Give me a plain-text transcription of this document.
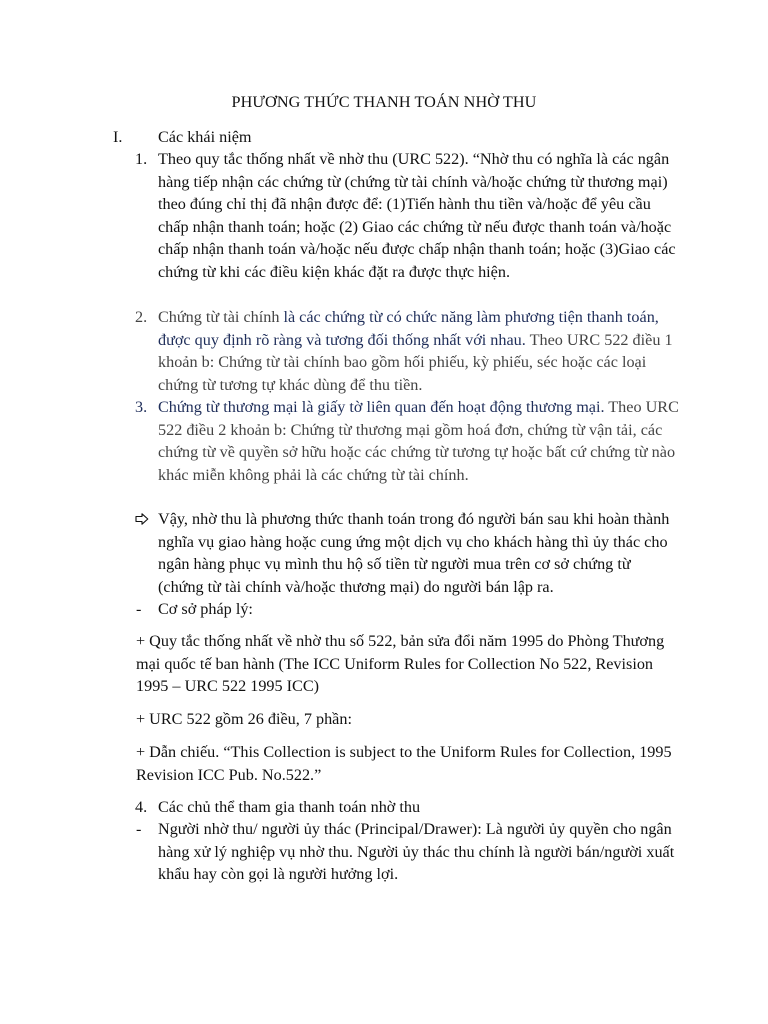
PHƯƠNG THỨC THANH TOÁN NHỜ THU
I. Các khái niệm
1. Theo quy tắc thống nhất về nhờ thu (URC 522). “Nhờ thu có nghĩa là các ngân hàng tiếp nhận các chứng từ (chứng từ tài chính và/hoặc chứng từ thương mại) theo đúng chỉ thị đã nhận được để: (1)Tiến hành thu tiền và/hoặc để yêu cầu chấp nhận thanh toán; hoặc (2) Giao các chứng từ nếu được thanh toán và/hoặc chấp nhận thanh toán và/hoặc nếu được chấp nhận thanh toán; hoặc (3)Giao các chứng từ khi các điều kiện khác đặt ra được thực hiện.
2. Chứng từ tài chính là các chứng từ có chức năng làm phương tiện thanh toán, được quy định rõ ràng và tương đối thống nhất với nhau. Theo URC 522 điều 1 khoản b: Chứng từ tài chính bao gồm hối phiếu, kỳ phiếu, séc hoặc các loại chứng từ tương tự khác dùng để thu tiền.
3. Chứng từ thương mại là giấy tờ liên quan đến hoạt động thương mại. Theo URC 522 điều 2 khoản b: Chứng từ thương mại gồm hoá đơn, chứng từ vận tải, các chứng từ về quyền sở hữu hoặc các chứng từ tương tự hoặc bất cứ chứng từ nào khác miễn không phải là các chứng từ tài chính.
Vậy, nhờ thu là phương thức thanh toán trong đó người bán sau khi hoàn thành nghĩa vụ giao hàng hoặc cung ứng một dịch vụ cho khách hàng thì ủy thác cho ngân hàng phục vụ mình thu hộ số tiền từ người mua trên cơ sở chứng từ (chứng từ tài chính và/hoặc thương mại) do người bán lập ra.
- Cơ sở pháp lý:
+ Quy tắc thống nhất về nhờ thu số 522, bản sửa đổi năm 1995 do Phòng Thương mại quốc tế ban hành (The ICC Uniform Rules for Collection No 522, Revision 1995 – URC 522 1995 ICC)
+ URC 522 gồm 26 điều, 7 phần:
+ Dẫn chiếu. “This Collection is subject to the Uniform Rules for Collection, 1995 Revision ICC Pub. No.522.”
4. Các chủ thể tham gia thanh toán nhờ thu
- Người nhờ thu/ người ủy thác (Principal/Drawer): Là người ủy quyền cho ngân hàng xử lý nghiệp vụ nhờ thu. Người ủy thác thu chính là người bán/người xuất khẩu hay còn gọi là người hưởng lợi.
